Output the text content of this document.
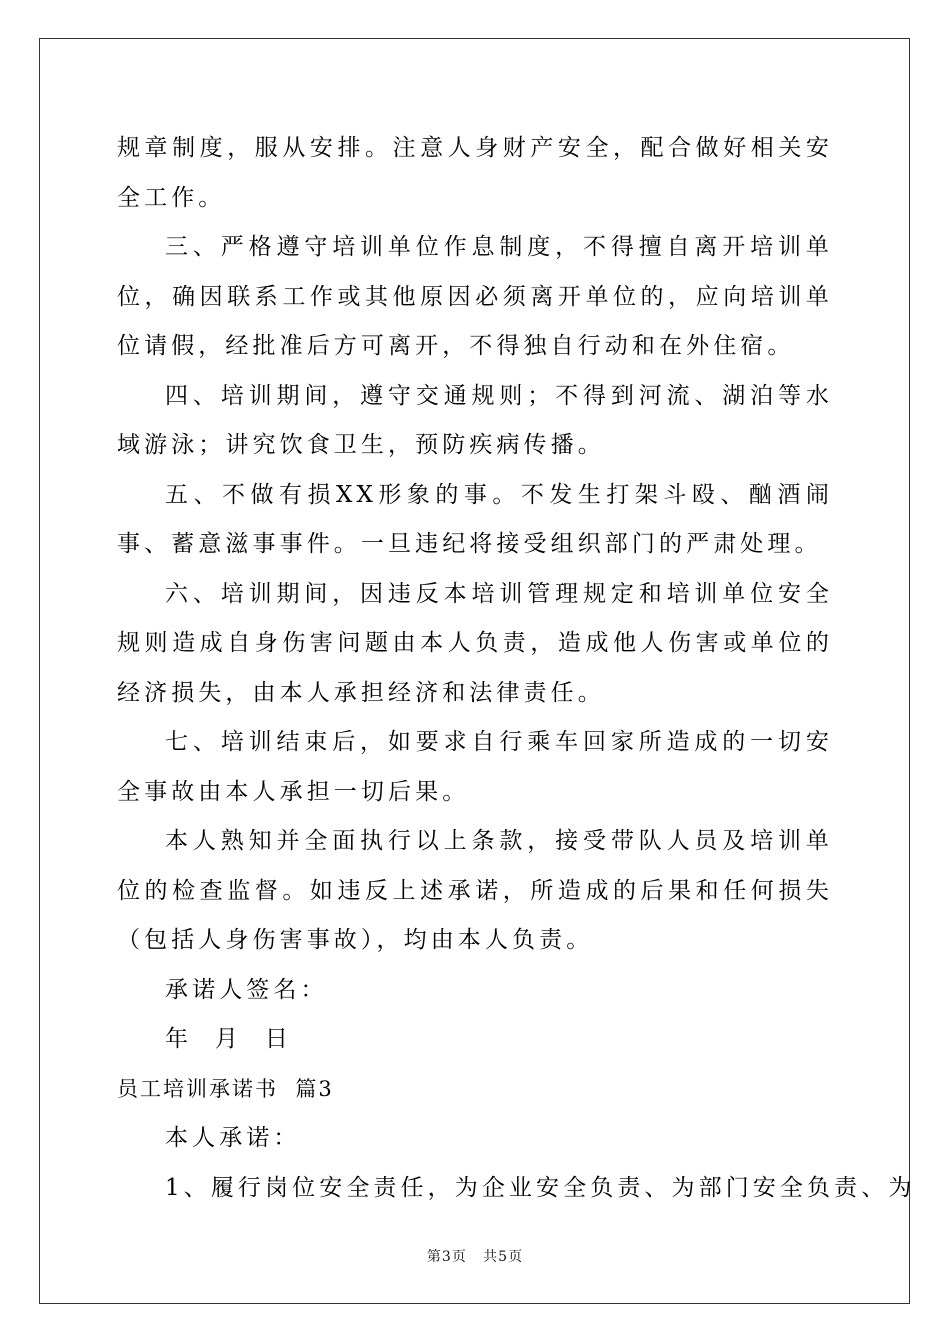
规章制度，服从安排。注意人身财产安全，配合做好相关安全工作。

三、严格遵守培训单位作息制度，不得擅自离开培训单位，确因联系工作或其他原因必须离开单位的，应向培训单位请假，经批准后方可离开，不得独自行动和在外住宿。

四、培训期间，遵守交通规则；不得到河流、湖泊等水域游泳；讲究饮食卫生，预防疾病传播。

五、不做有损XX形象的事。不发生打架斗殴、酗酒闹事、蓄意滋事事件。一旦违纪将接受组织部门的严肃处理。

六、培训期间，因违反本培训管理规定和培训单位安全规则造成自身伤害问题由本人负责，造成他人伤害或单位的经济损失，由本人承担经济和法律责任。

七、培训结束后，如要求自行乘车回家所造成的一切安全事故由本人承担一切后果。

本人熟知并全面执行以上条款，接受带队人员及培训单位的检查监督。如违反上述承诺，所造成的后果和任何损失（包括人身伤害事故），均由本人负责。

承诺人签名：

年  月  日

员工培训承诺书  篇3

本人承诺：

1、履行岗位安全责任，为企业安全负责、为部门安全负责、为

第3页   共5页
